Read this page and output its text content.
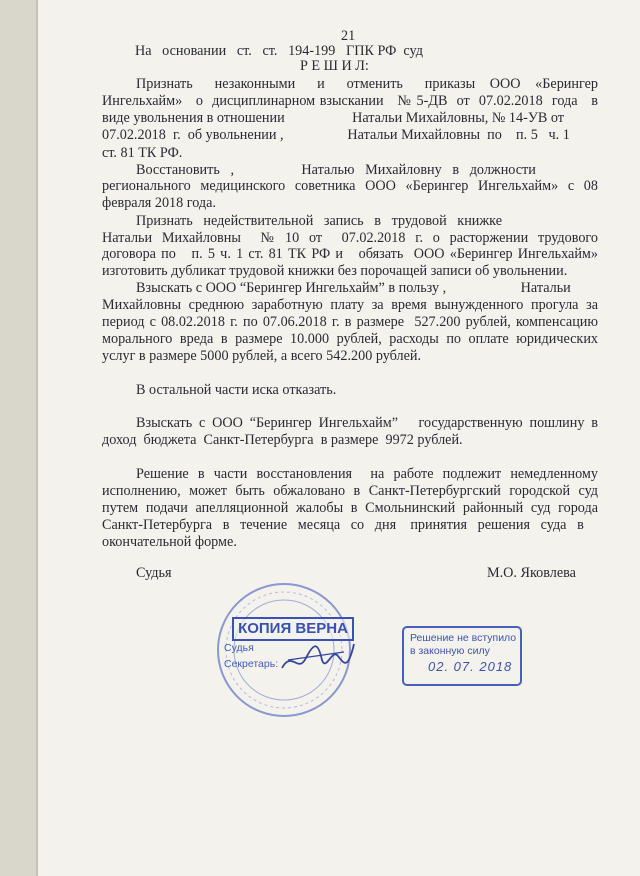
21
На   основании   ст.   ст.   194-199   ГПК РФ  суд
Р Е Ш И Л:
Признать   незаконными   и   отменить   приказы  ООО  «Берингер
Ингельхайм»   о  дисциплинарном взыскании   № 5-ДВ  от  07.02.2018  года   в
виде увольнения в отношении                   Натальи Михайловны, № 14-УВ от
07.02.2018  г.  об увольнении ,                  Натальи Михайловны  по    п. 5   ч. 1
ст. 81 ТК РФ.
Восстановить   ,                   Наталью   Михайловну   в   должности
регионального  медицинского  советника  ООО  «Берингер  Ингельхайм»  с  08
февраля 2018 года.
Признать   недействительной   запись   в   трудовой   книжке
Натальи  Михайловны    №  10  от    07.02.2018  г.  о  расторжении  трудового
договора по   п. 5 ч. 1 ст. 81 ТК РФ и   обязать  ООО «Берингер Ингельхайм»
изготовить дубликат трудовой книжки без порочащей записи об увольнении.
Взыскать с ООО “Берингер Ингельхайм” в пользу ,                     Натальи
Михайловны среднюю заработную плату за время вынужденного прогула за
период с 08.02.2018 г. по 07.06.2018 г. в размере  527.200 рублей, компенсацию
морального вреда в размере 10.000 рублей, расходы по оплате юридических
услуг в размере 5000 рублей, а всего 542.200 рублей.
В остальной части иска отказать.
Взыскать с ООО “Берингер Ингельхайм”   государственную пошлину в
доход  бюджета  Санкт-Петербурга  в размере  9972 рублей.
Решение  в  части  восстановления    на  работе  подлежит  немедленному
исполнению, может быть обжаловано в Санкт-Петербургский городской суд
путем подачи апелляционной жалобы в Смольнинский районный суд города
Санкт-Петербурга   в   течение   месяца   со   дня    принятия   решения   суда   в
окончательной форме.
Судья	М.О. Яковлева
КОПИЯ ВЕРНА
Судья
Секретарь:
Решение не вступило
в законную силу
02. 07. 2018
